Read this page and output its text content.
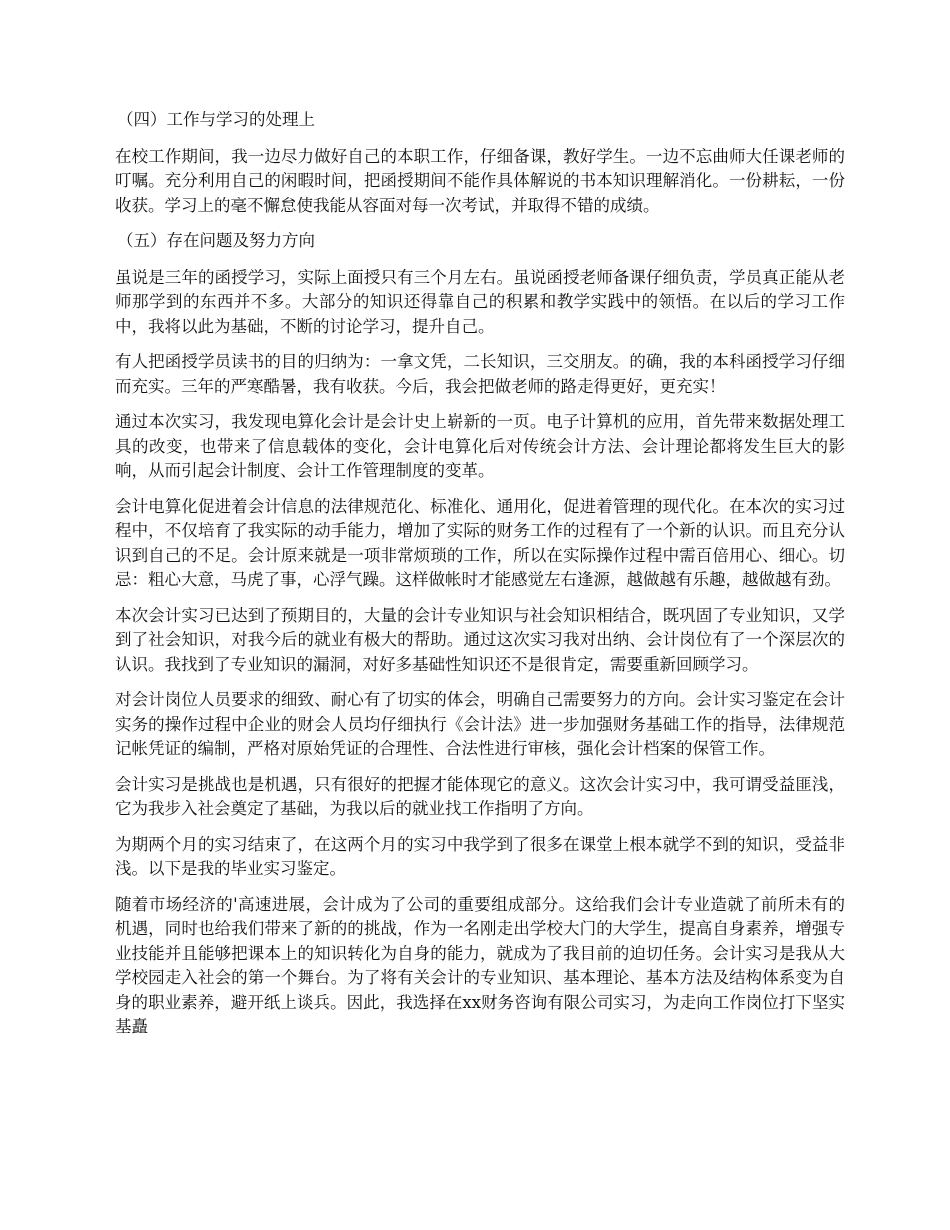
（四）工作与学习的处理上

在校工作期间，我一边尽力做好自己的本职工作，仔细备课，教好学生。一边不忘曲师大任课老师的叮嘱。充分利用自己的闲暇时间，把函授期间不能作具体解说的书本知识理解消化。一份耕耘，一份收获。学习上的毫不懈怠使我能从容面对每一次考试，并取得不错的成绩。

（五）存在问题及努力方向

虽说是三年的函授学习，实际上面授只有三个月左右。虽说函授老师备课仔细负责，学员真正能从老师那学到的东西并不多。大部分的知识还得靠自己的积累和教学实践中的领悟。在以后的学习工作中，我将以此为基础，不断的讨论学习，提升自己。

有人把函授学员读书的目的归纳为：一拿文凭，二长知识，三交朋友。的确，我的本科函授学习仔细而充实。三年的严寒酷暑，我有收获。今后，我会把做老师的路走得更好，更充实！

通过本次实习，我发现电算化会计是会计史上崭新的一页。电子计算机的应用，首先带来数据处理工具的改变，也带来了信息载体的变化，会计电算化后对传统会计方法、会计理论都将发生巨大的影响，从而引起会计制度、会计工作管理制度的变革。

会计电算化促进着会计信息的法律规范化、标准化、通用化，促进着管理的现代化。在本次的实习过程中，不仅培育了我实际的动手能力，增加了实际的财务工作的过程有了一个新的认识。而且充分认识到自己的不足。会计原来就是一项非常烦琐的工作，所以在实际操作过程中需百倍用心、细心。切忌：粗心大意，马虎了事，心浮气躁。这样做帐时才能感觉左右逢源，越做越有乐趣，越做越有劲。

本次会计实习已达到了预期目的，大量的会计专业知识与社会知识相结合，既巩固了专业知识，又学到了社会知识，对我今后的就业有极大的帮助。通过这次实习我对出纳、会计岗位有了一个深层次的认识。我找到了专业知识的漏洞，对好多基础性知识还不是很肯定，需要重新回顾学习。

对会计岗位人员要求的细致、耐心有了切实的体会，明确自己需要努力的方向。会计实习鉴定在会计实务的操作过程中企业的财会人员均仔细执行《会计法》进一步加强财务基础工作的指导，法律规范记帐凭证的编制，严格对原始凭证的合理性、合法性进行审核，强化会计档案的保管工作。

会计实习是挑战也是机遇，只有很好的把握才能体现它的意义。这次会计实习中，我可谓受益匪浅，它为我步入社会奠定了基础，为我以后的就业找工作指明了方向。

为期两个月的实习结束了，在这两个月的实习中我学到了很多在课堂上根本就学不到的知识，受益非浅。以下是我的毕业实习鉴定。

随着市场经济的'高速进展，会计成为了公司的重要组成部分。这给我们会计专业造就了前所未有的机遇，同时也给我们带来了新的的挑战，作为一名刚走出学校大门的大学生，提高自身素养，增强专业技能并且能够把课本上的知识转化为自身的能力，就成为了我目前的迫切任务。会计实习是我从大学校园走入社会的第一个舞台。为了将有关会计的专业知识、基本理论、基本方法及结构体系变为自身的职业素养，避开纸上谈兵。因此，我选择在xx财务咨询有限公司实习，为走向工作岗位打下坚实基矗
